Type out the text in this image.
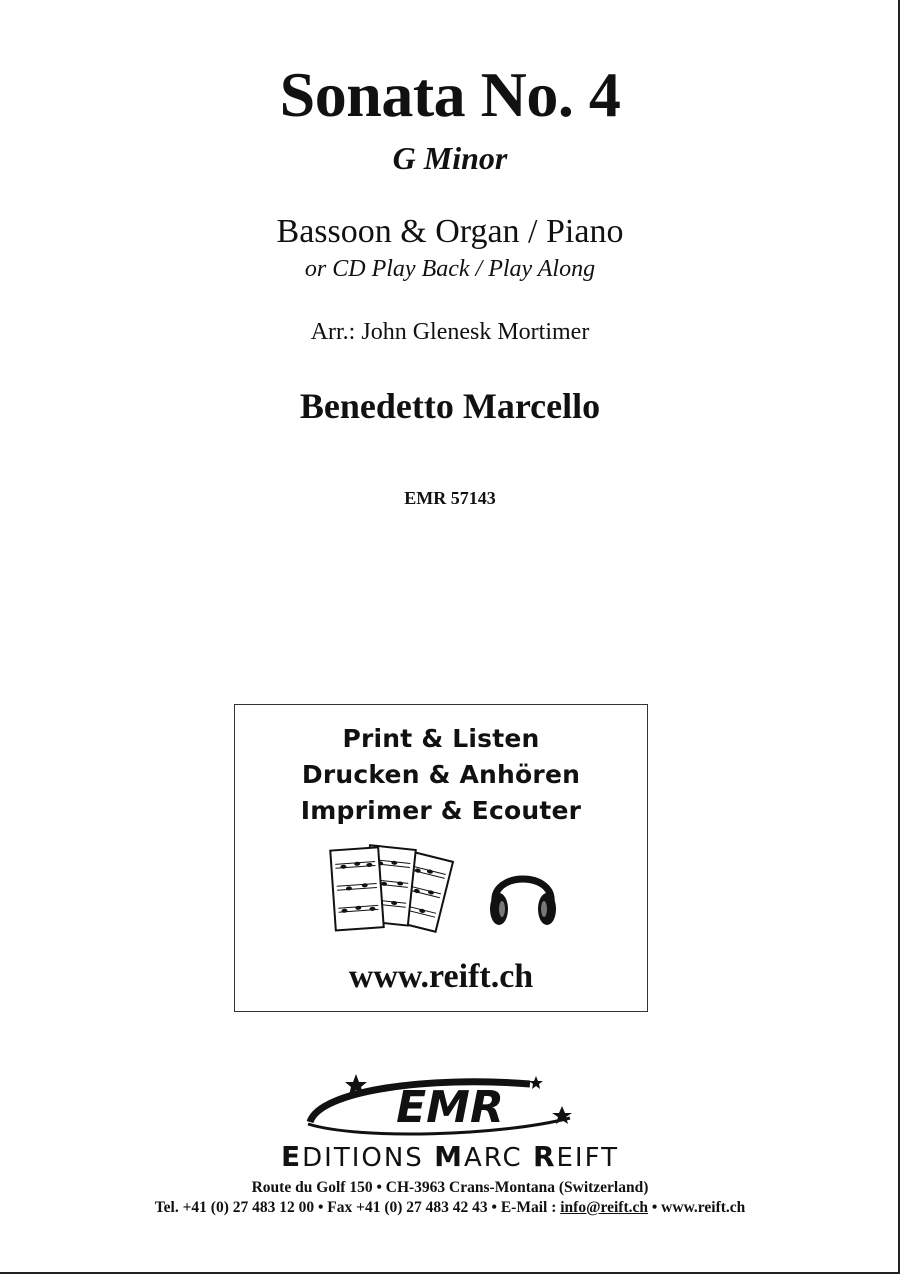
Sonata No. 4
G Minor
Bassoon & Organ / Piano
or CD Play Back / Play Along
Arr.: John Glenesk Mortimer
Benedetto Marcello
EMR 57143
Print & Listen
Drucken & Anhören
Imprimer & Ecouter
www.reift.ch
EMR
EDITIONS MARC REIFT
Route du Golf 150 • CH-3963 Crans-Montana (Switzerland)
Tel. +41 (0) 27 483 12 00 • Fax +41 (0) 27 483 42 43 • E-Mail : info@reift.ch • www.reift.ch
